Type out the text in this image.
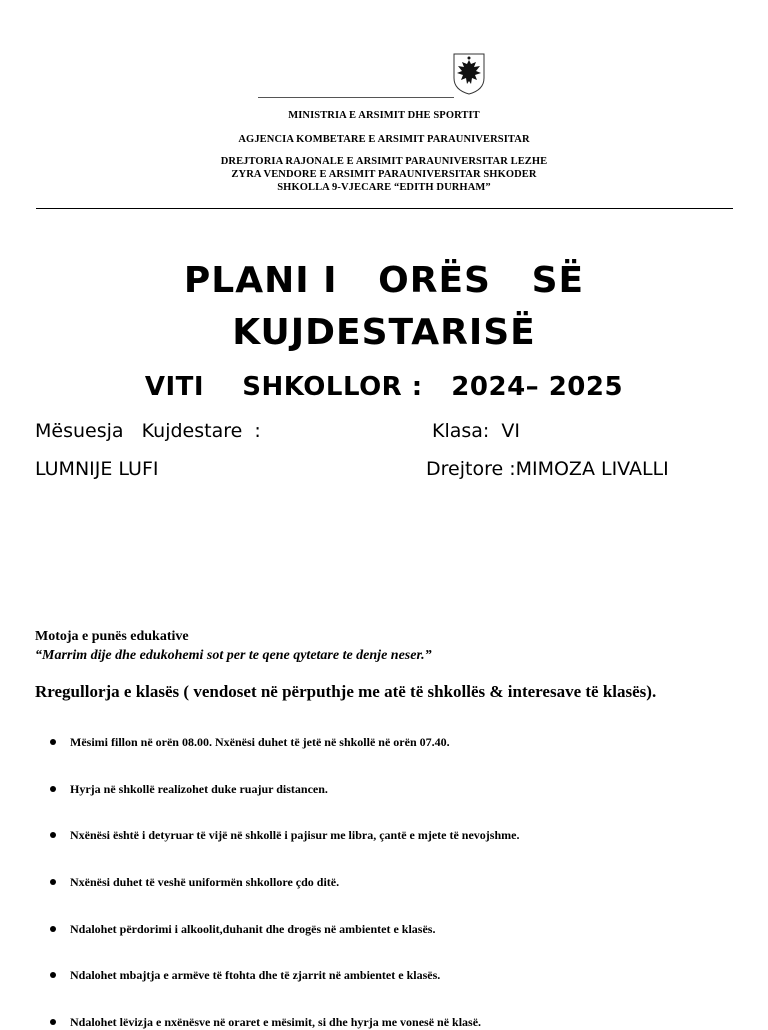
MINISTRIA E ARSIMIT DHE SPORTIT
AGJENCIA KOMBETARE E ARSIMIT PARAUNIVERSITAR
DREJTORIA RAJONALE E ARSIMIT PARAUNIVERSITAR LEZHE
ZYRA VENDORE E ARSIMIT PARAUNIVERSITAR SHKODER
SHKOLLA 9-VJECARE “EDITH DURHAM”
PLANI I   ORËS   SË
KUJDESTARISË
VITI    SHKOLLOR :   2024– 2025
Mësuesja   Kujdestare  :	Klasa:  VI
LUMNIJE LUFI	Drejtore :MIMOZA LIVALLI
Motoja e punës edukative
“Marrim dije dhe edukohemi sot per te qene qytetare te denje neser.”
Rregullorja e klasës ( vendoset në përputhje me atë të shkollës & interesave të klasës).
Mësimi fillon në orën 08.00. Nxënësi duhet të jetë në shkollë në orën 07.40.
Hyrja në shkollë realizohet duke ruajur distancen.
Nxënësi është i detyruar të vijë në shkollë i pajisur me libra, çantë e mjete të nevojshme.
Nxënësi duhet të veshë uniformën shkollore çdo ditë.
Ndalohet përdorimi i alkoolit,duhanit dhe drogës në ambientet e klasës.
Ndalohet mbajtja e armëve të ftohta dhe të zjarrit në ambientet e klasës.
Ndalohet lëvizja e nxënësve në oraret e mësimit, si dhe hyrja me vonesë në klasë.
